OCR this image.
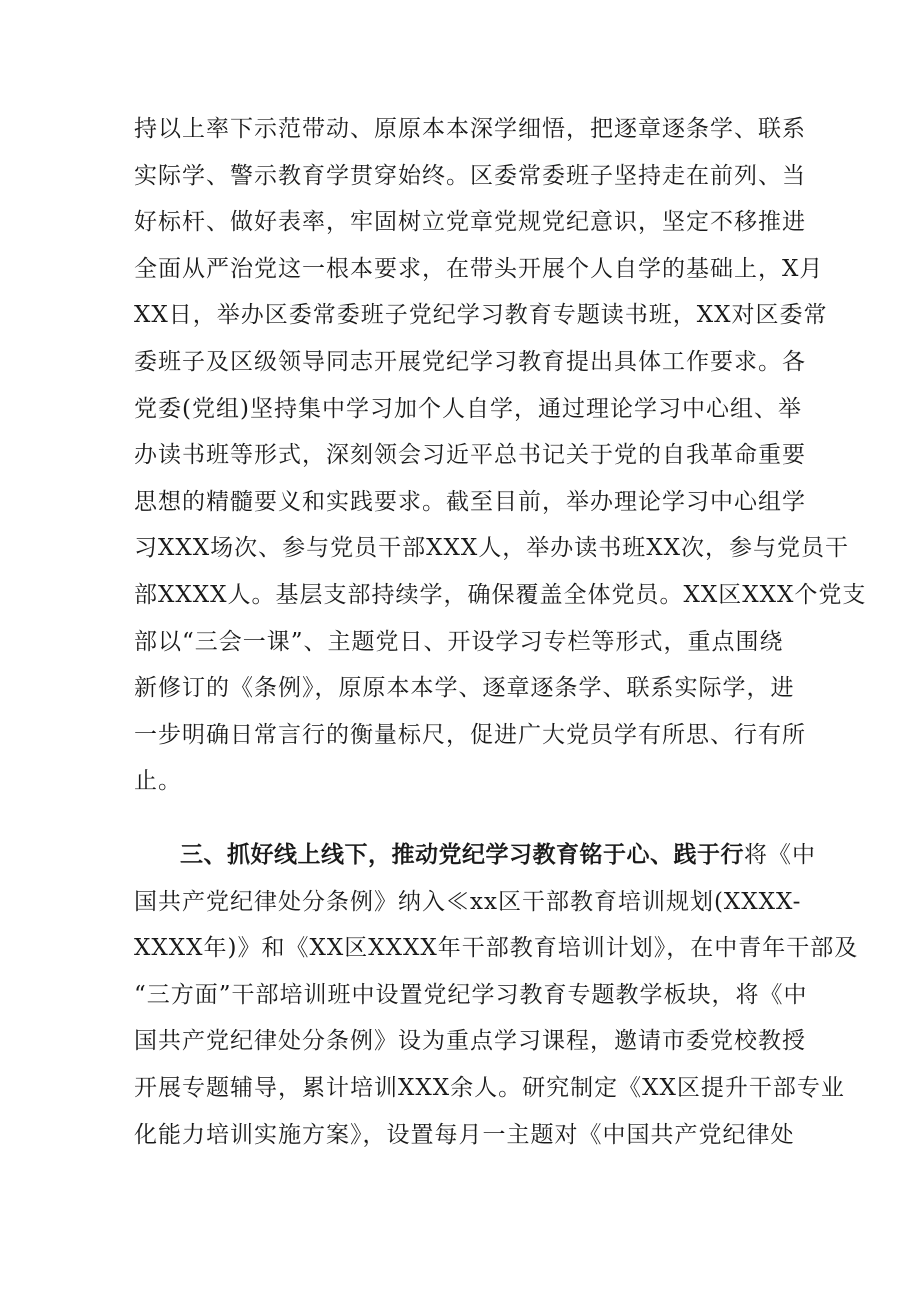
持以上率下示范带动、原原本本深学细悟，把逐章逐条学、联系
实际学、警示教育学贯穿始终。区委常委班子坚持走在前列、当
好标杆、做好表率，牢固树立党章党规党纪意识，坚定不移推进
全面从严治党这一根本要求，在带头开展个人自学的基础上，X月
XX日，举办区委常委班子党纪学习教育专题读书班，XX对区委常
委班子及区级领导同志开展党纪学习教育提出具体工作要求。各
党委(党组)坚持集中学习加个人自学，通过理论学习中心组、举
办读书班等形式，深刻领会习近平总书记关于党的自我革命重要
思想的精髓要义和实践要求。截至目前，举办理论学习中心组学
习XXX场次、参与党员干部XXX人，举办读书班XX次，参与党员干
部XXXX人。基层支部持续学，确保覆盖全体党员。XX区XXX个党支
部以“三会一课”、主题党日、开设学习专栏等形式，重点围绕
新修订的《条例》，原原本本学、逐章逐条学、联系实际学，进
一步明确日常言行的衡量标尺，促进广大党员学有所思、行有所
止。
三、抓好线上线下，推动党纪学习教育铭于心、践于行将《中
国共产党纪律处分条例》纳入≪xx区干部教育培训规划(XXXX-
XXXX年)》和《XX区XXXX年干部教育培训计划》，在中青年干部及
“三方面”干部培训班中设置党纪学习教育专题教学板块，将《中
国共产党纪律处分条例》设为重点学习课程，邀请市委党校教授
开展专题辅导，累计培训XXX余人。研究制定《XX区提升干部专业
化能力培训实施方案》，设置每月一主题对《中国共产党纪律处
